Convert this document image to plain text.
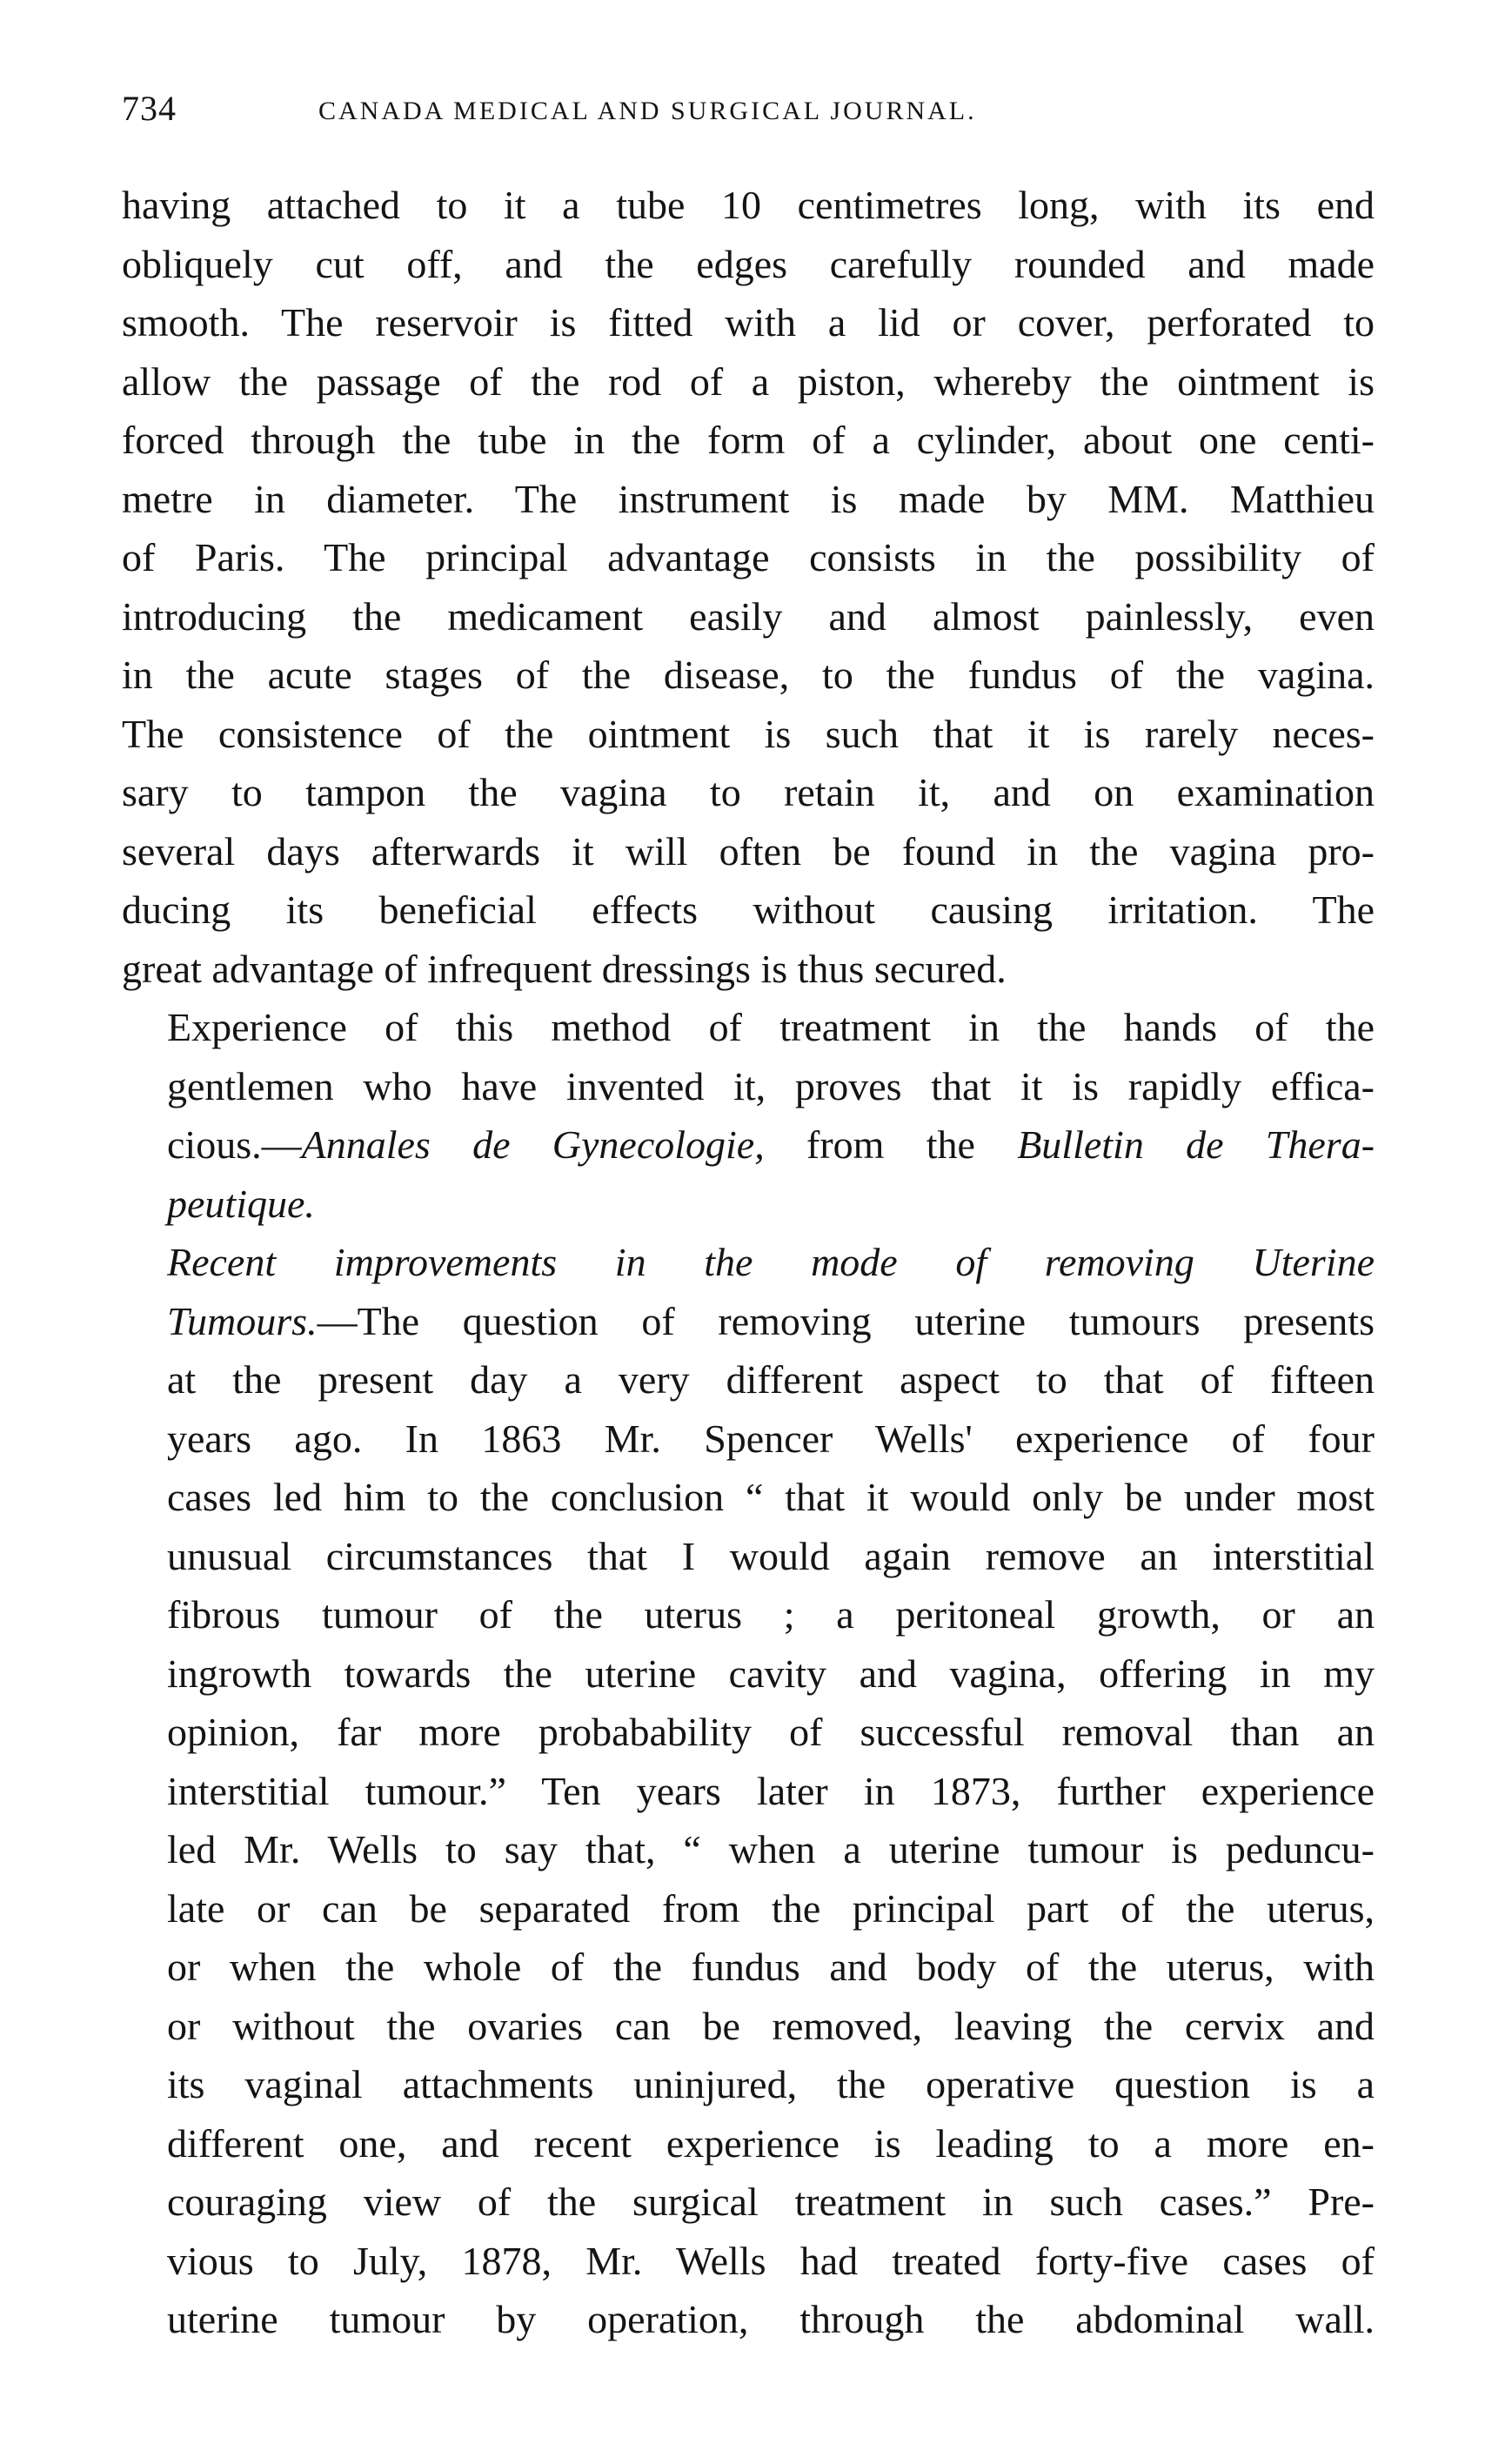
734	CANADA MEDICAL AND SURGICAL JOURNAL.

having attached to it a tube 10 centimetres long, with its end
obliquely cut off, and the edges carefully rounded and made
smooth. The reservoir is fitted with a lid or cover, perforated to
allow the passage of the rod of a piston, whereby the ointment is
forced through the tube in the form of a cylinder, about one centi-
metre in diameter. The instrument is made by MM. Matthieu
of Paris. The principal advantage consists in the possibility of
introducing the medicament easily and almost painlessly, even
in the acute stages of the disease, to the fundus of the vagina.
The consistence of the ointment is such that it is rarely neces-
sary to tampon the vagina to retain it, and on examination
several days afterwards it will often be found in the vagina pro-
ducing its beneficial effects without causing irritation. The
great advantage of infrequent dressings is thus secured.

Experience of this method of treatment in the hands of the
gentlemen who have invented it, proves that it is rapidly effica-
cious.—Annales de Gynecologie, from the Bulletin de Thera-
peutique.

Recent improvements in the mode of removing Uterine
Tumours.—The question of removing uterine tumours presents
at the present day a very different aspect to that of fifteen
years ago. In 1863 Mr. Spencer Wells' experience of four
cases led him to the conclusion “ that it would only be under most
unusual circumstances that I would again remove an interstitial
fibrous tumour of the uterus ; a peritoneal growth, or an
ingrowth towards the uterine cavity and vagina, offering in my
opinion, far more probabability of successful removal than an
interstitial tumour.” Ten years later in 1873, further experience
led Mr. Wells to say that, “ when a uterine tumour is peduncu-
late or can be separated from the principal part of the uterus,
or when the whole of the fundus and body of the uterus, with
or without the ovaries can be removed, leaving the cervix and
its vaginal attachments uninjured, the operative question is a
different one, and recent experience is leading to a more en-
couraging view of the surgical treatment in such cases.” Pre-
vious to July, 1878, Mr. Wells had treated forty-five cases of
uterine tumour by operation, through the abdominal wall.
